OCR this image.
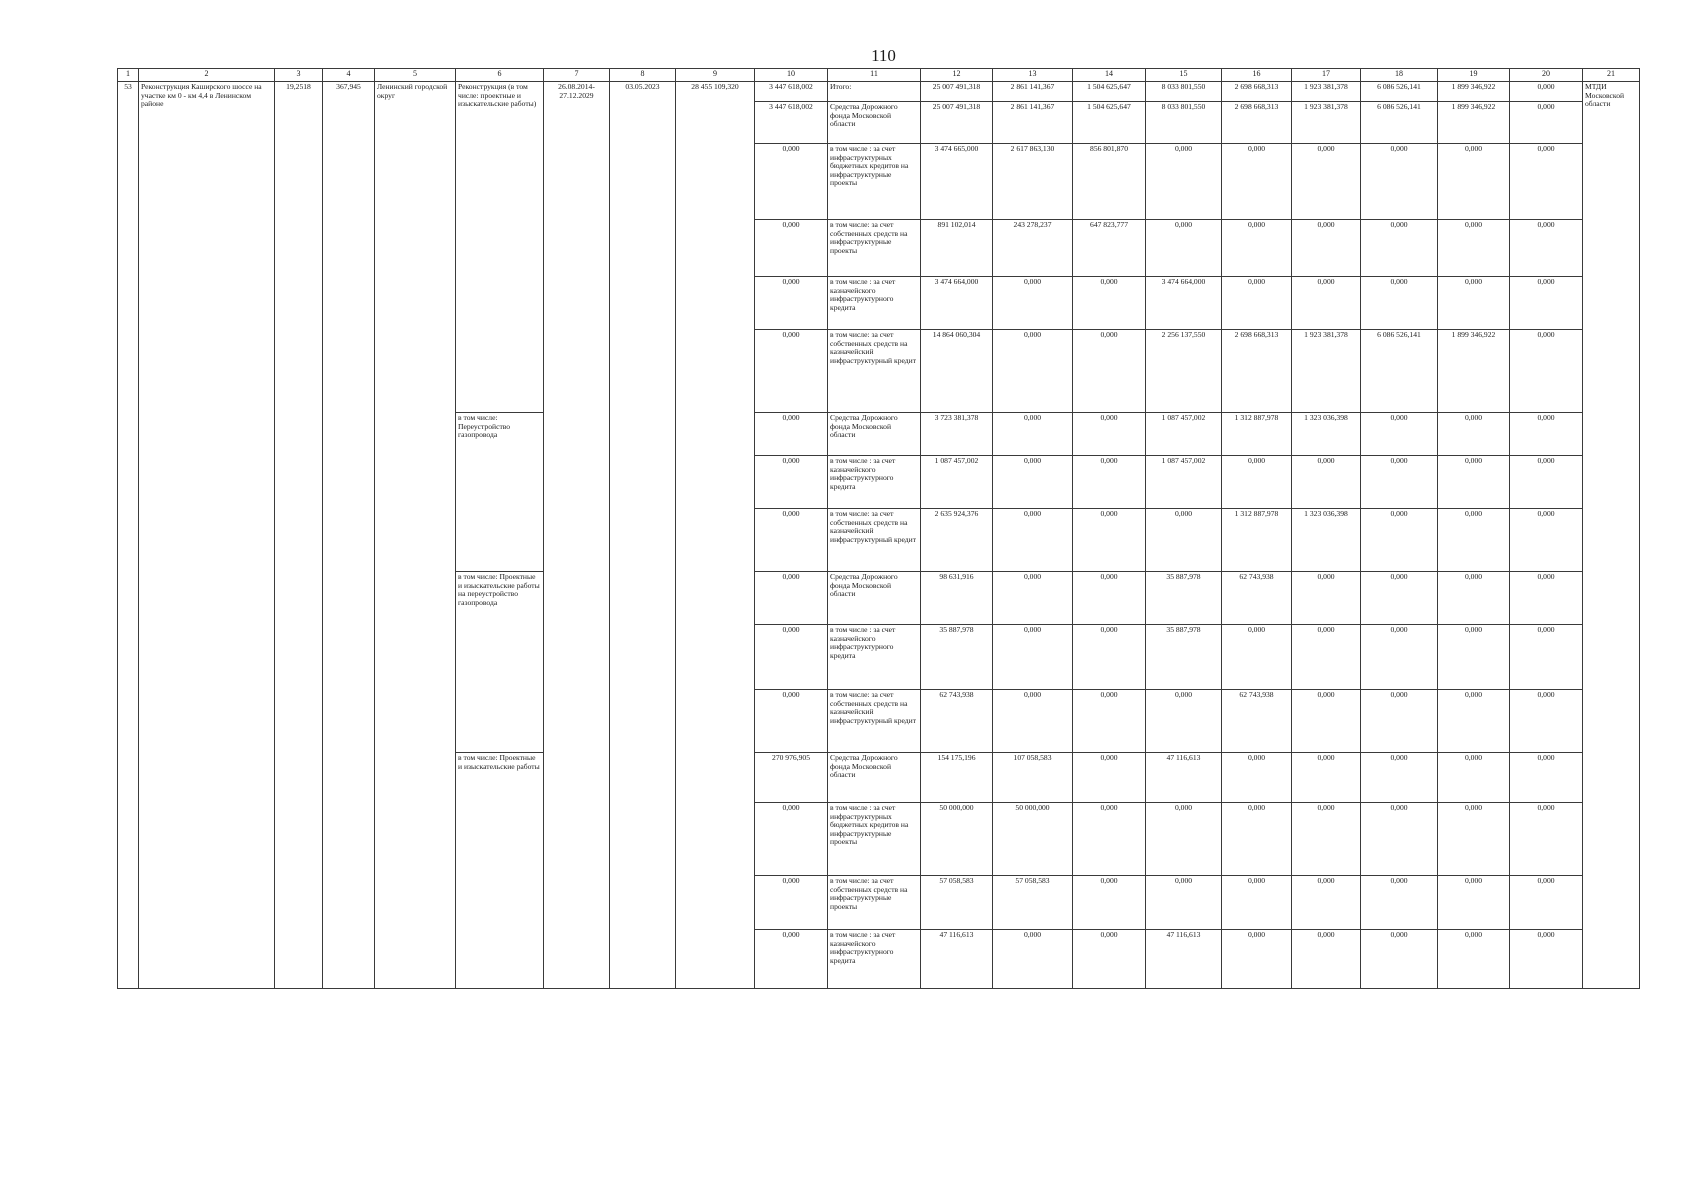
110
1	2	3	4	5	6	7	8	9	10	11	12	13	14	15	16	17	18	19	20	21
53	Реконструкция Каширского шоссе на участке км 0 - км 4,4 в Ленинском районе	19,2518	367,945	Ленинский городской округ	Реконструкция (в том числе: проектные и изыскательские работы)	26.08.2014-27.12.2029	03.05.2023	28 455 109,320	3 447 618,002	Итого:	25 007 491,318	2 861 141,367	1 504 625,647	8 033 801,550	2 698 668,313	1 923 381,378	6 086 526,141	1 899 346,922	0,000	МТДИ Московской области
									3 447 618,002	Средства Дорожного фонда Московской области	25 007 491,318	2 861 141,367	1 504 625,647	8 033 801,550	2 698 668,313	1 923 381,378	6 086 526,141	1 899 346,922	0,000	
									0,000	в том числе : за счет инфраструктурных бюджетных кредитов на инфраструктурные проекты	3 474 665,000	2 617 863,130	856 801,870	0,000	0,000	0,000	0,000	0,000	0,000	
									0,000	в том числе: за счет собственных средств на инфраструктурные проекты	891 102,014	243 278,237	647 823,777	0,000	0,000	0,000	0,000	0,000	0,000	
									0,000	в том числе : за счет казначейского инфраструктурного кредита	3 474 664,000	0,000	0,000	3 474 664,000	0,000	0,000	0,000	0,000	0,000	
									0,000	в том числе: за счет собственных средств на казначейский инфраструктурный кредит	14 864 060,304	0,000	0,000	2 256 137,550	2 698 668,313	1 923 381,378	6 086 526,141	1 899 346,922	0,000	
					в том числе: Переустройство газопровода				0,000	Средства Дорожного фонда Московской области	3 723 381,378	0,000	0,000	1 087 457,002	1 312 887,978	1 323 036,398	0,000	0,000	0,000	
									0,000	в том числе : за счет казначейского инфраструктурного кредита	1 087 457,002	0,000	0,000	1 087 457,002	0,000	0,000	0,000	0,000	0,000	
									0,000	в том числе: за счет собственных средств на казначейский инфраструктурный кредит	2 635 924,376	0,000	0,000	0,000	1 312 887,978	1 323 036,398	0,000	0,000	0,000	
					в том числе: Проектные и изыскательские работы на переустройство газопровода				0,000	Средства Дорожного фонда Московской области	98 631,916	0,000	0,000	35 887,978	62 743,938	0,000	0,000	0,000	0,000	
									0,000	в том числе : за счет казначейского инфраструктурного кредита	35 887,978	0,000	0,000	35 887,978	0,000	0,000	0,000	0,000	0,000	
									0,000	в том числе: за счет собственных средств на казначейский инфраструктурный кредит	62 743,938	0,000	0,000	0,000	62 743,938	0,000	0,000	0,000	0,000	
					в том числе: Проектные и изыскательские работы				270 976,905	Средства Дорожного фонда Московской области	154 175,196	107 058,583	0,000	47 116,613	0,000	0,000	0,000	0,000	0,000	
									0,000	в том числе : за счет инфраструктурных бюджетных кредитов на инфраструктурные проекты	50 000,000	50 000,000	0,000	0,000	0,000	0,000	0,000	0,000	0,000	
									0,000	в том числе: за счет собственных средств на инфраструктурные проекты	57 058,583	57 058,583	0,000	0,000	0,000	0,000	0,000	0,000	0,000	
									0,000	в том числе : за счет казначейского инфраструктурного кредита	47 116,613	0,000	0,000	47 116,613	0,000	0,000	0,000	0,000	0,000	
